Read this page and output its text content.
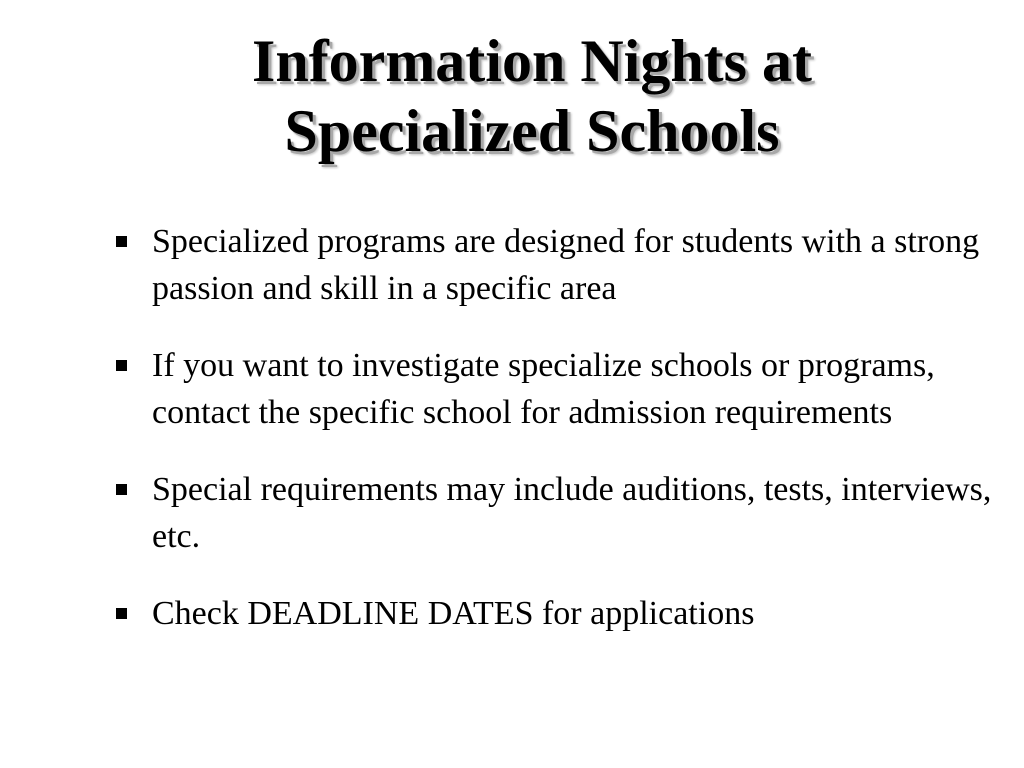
Information Nights at
Specialized Schools
Specialized programs are designed for students with a strong passion and skill in a specific area
If you want to investigate specialize schools or programs, contact the specific school for admission requirements
Special requirements may include auditions, tests, interviews, etc.
Check DEADLINE DATES for applications
